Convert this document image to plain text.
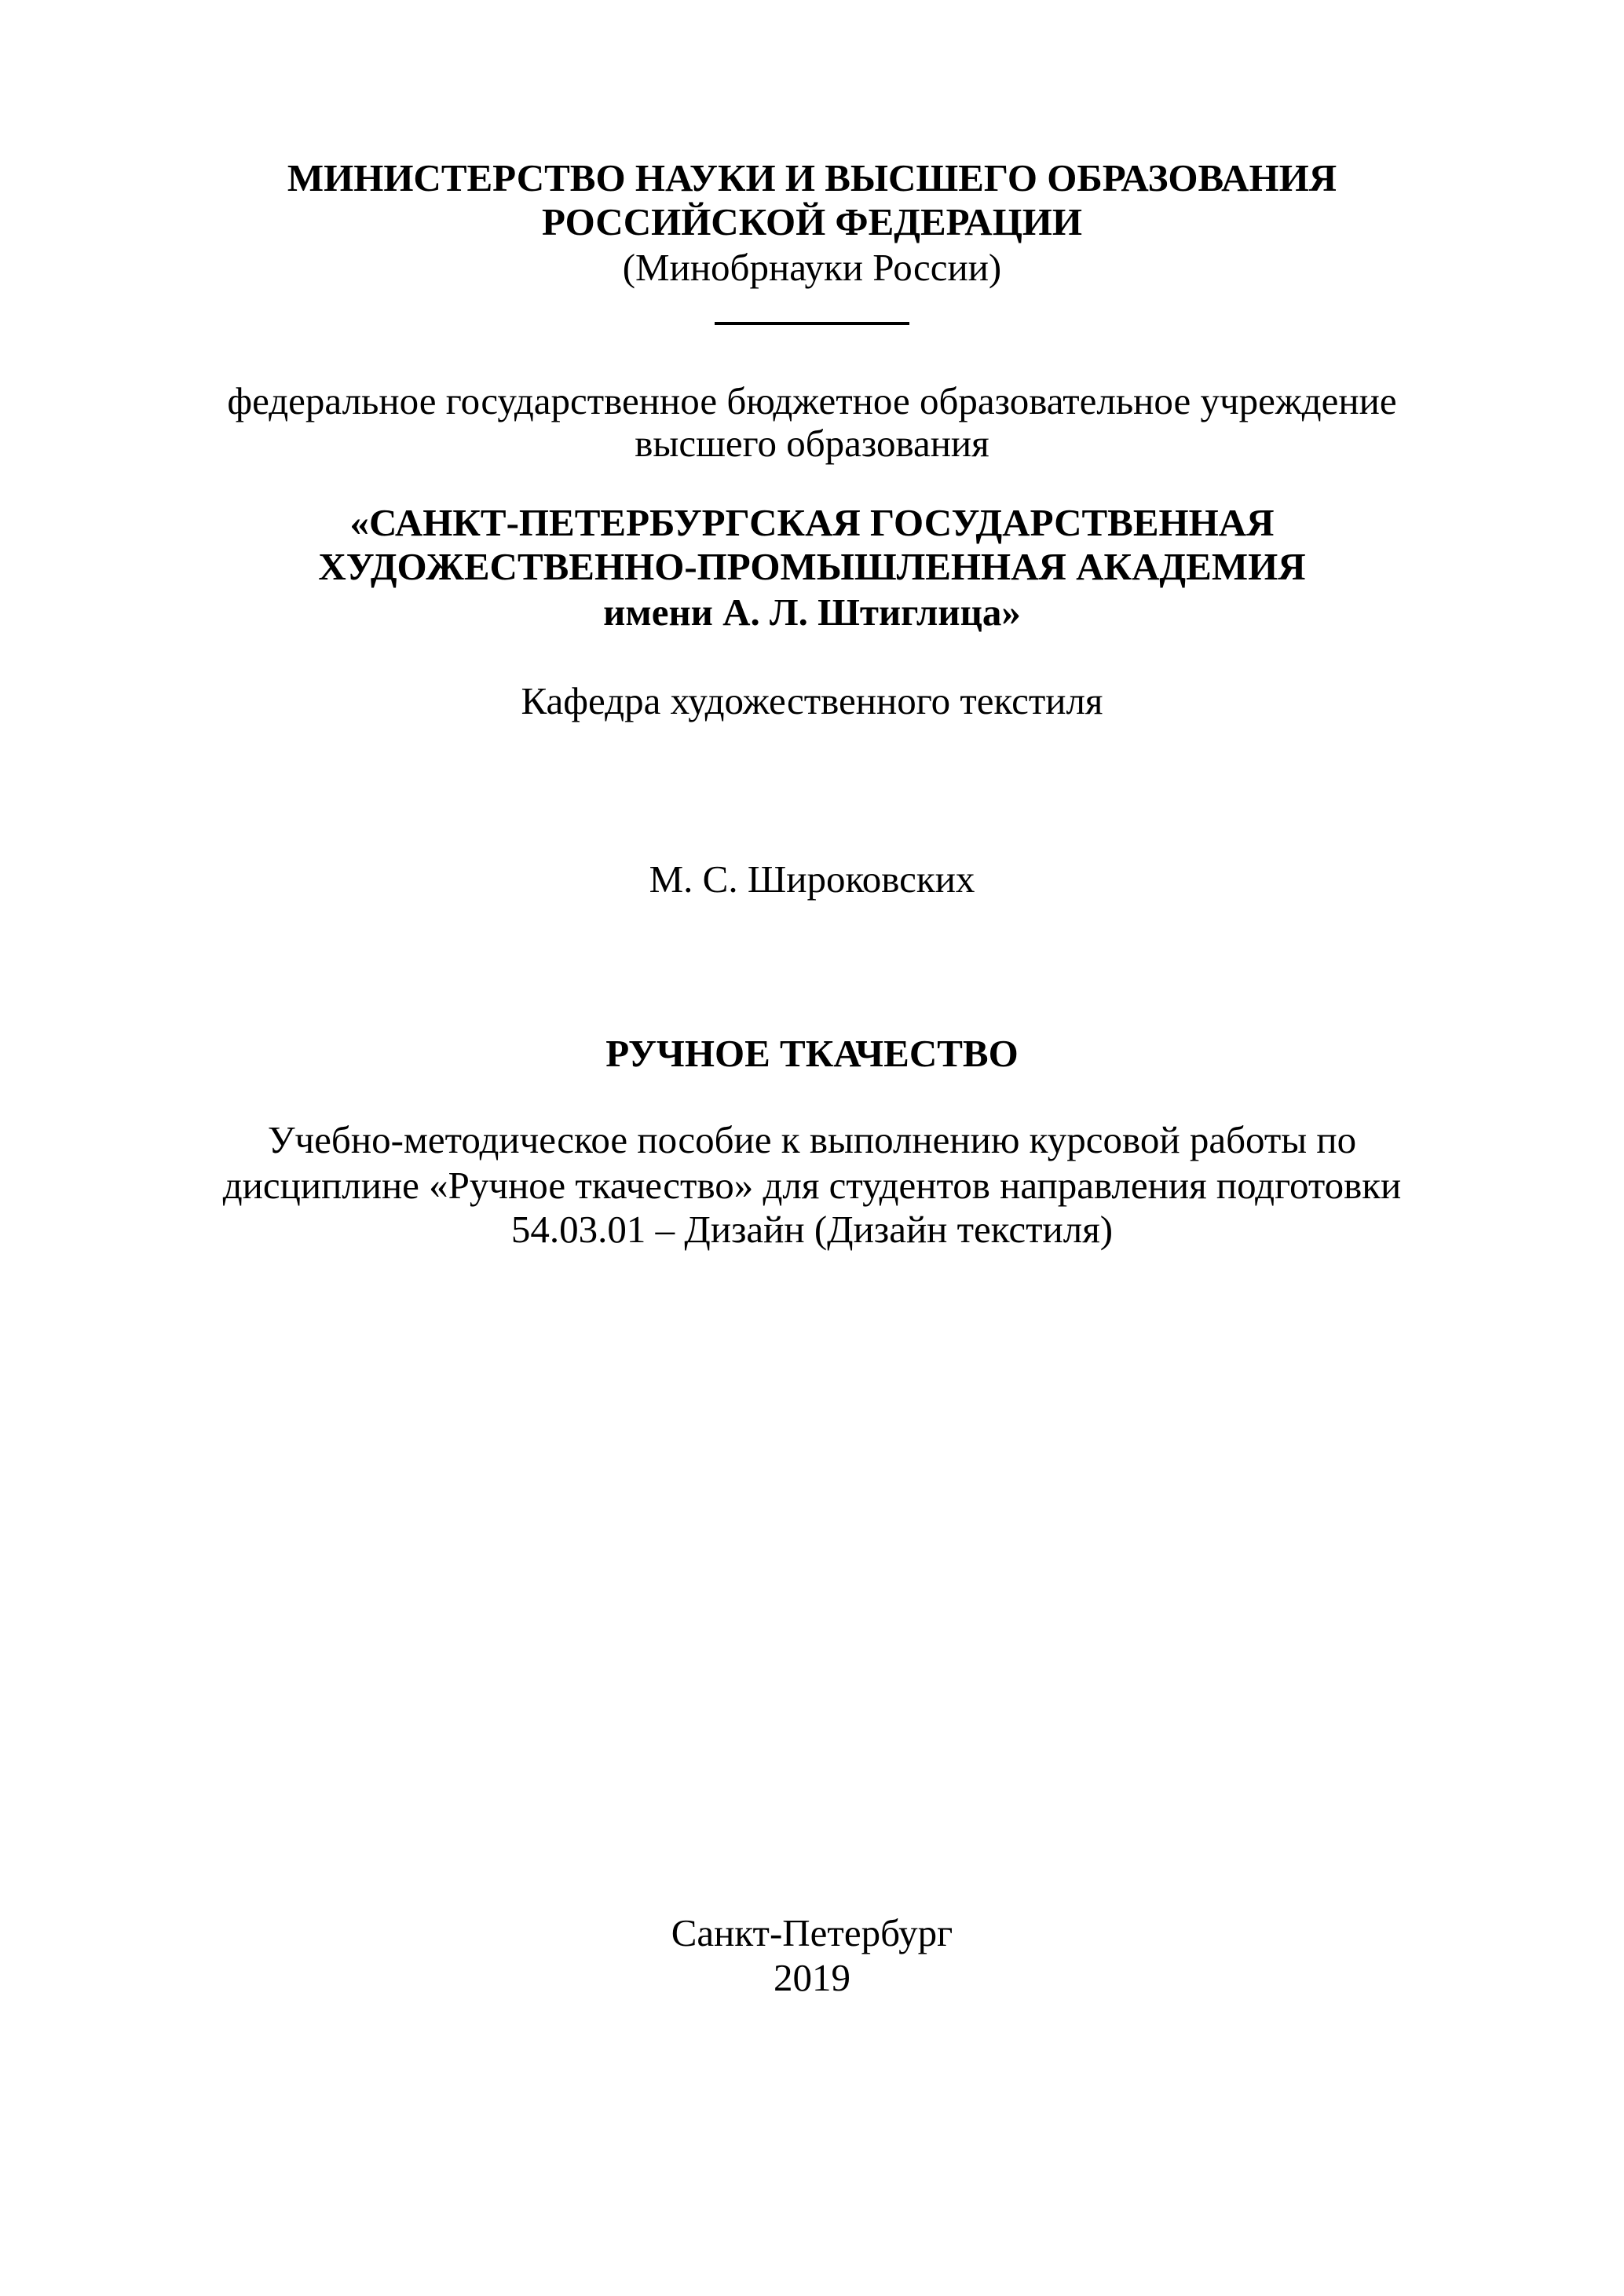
МИНИСТЕРСТВО НАУКИ И ВЫСШЕГО ОБРАЗОВАНИЯ
РОССИЙСКОЙ ФЕДЕРАЦИИ
(Минобрнауки России)
федеральное государственное бюджетное образовательное учреждение
высшего образования
«САНКТ-ПЕТЕРБУРГСКАЯ ГОСУДАРСТВЕННАЯ
ХУДОЖЕСТВЕННО-ПРОМЫШЛЕННАЯ АКАДЕМИЯ
имени А. Л. Штиглица»
Кафедра художественного текстиля
М. С. Широковских
РУЧНОЕ ТКАЧЕСТВО
Учебно-методическое пособие к выполнению курсовой работы по
дисциплине «Ручное ткачество» для студентов направления подготовки
54.03.01 – Дизайн (Дизайн текстиля)
Санкт-Петербург
2019
